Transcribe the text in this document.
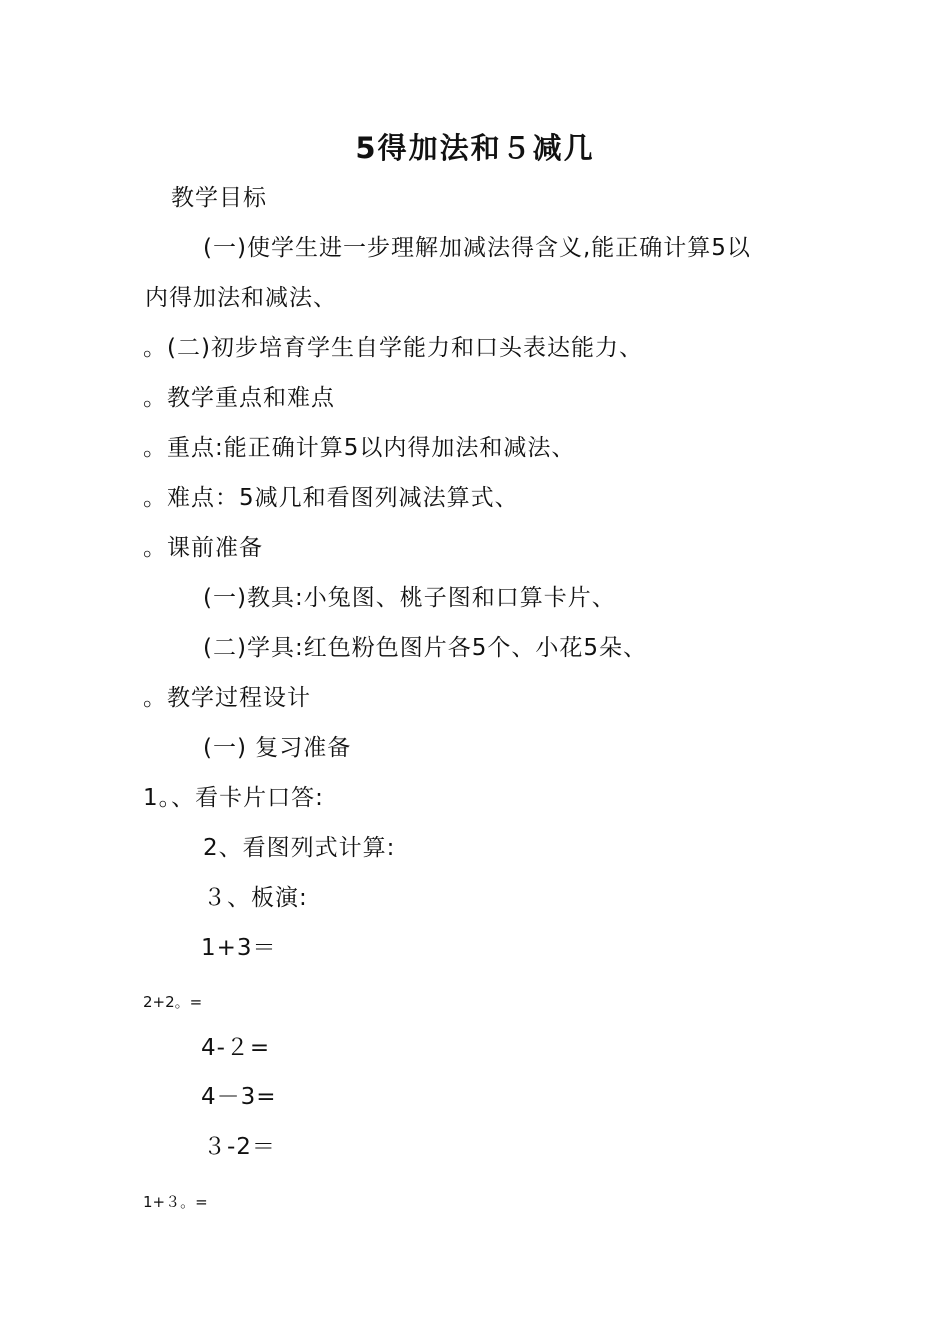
5得加法和５减几
教学目标
(一)使学生进一步理解加减法得含义,能正确计算5以
内得加法和减法、
。(二)初步培育学生自学能力和口头表达能力、
。教学重点和难点
。重点:能正确计算5以内得加法和减法、
。难点：5减几和看图列减法算式、
。课前准备
(一)教具:小兔图、桃子图和口算卡片、
(二)学具:红色粉色图片各5个、小花5朵、
。教学过程设计
(一) 复习准备
1。、看卡片口答:
2、看图列式计算:
３、板演:
1+3＝
2+2。=
4-２=
4－3=
３-2＝
1+３。=
